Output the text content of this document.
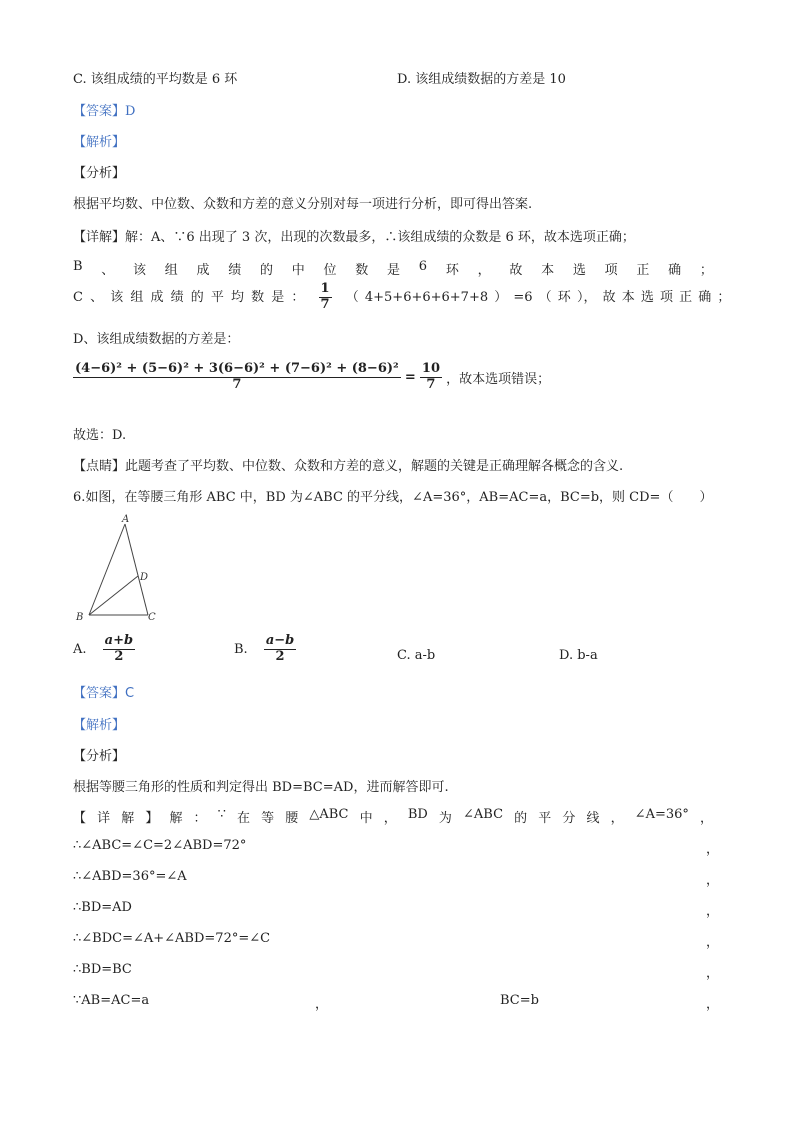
C. 该组成绩的平均数是 6 环	D. 该组成绩数据的方差是 10
【答案】D
【解析】
【分析】
根据平均数、中位数、众数和方差的意义分别对每一项进行分析，即可得出答案.
【详解】解：A、∵6 出现了 3 次，出现的次数最多，∴该组成绩的众数是 6 环，故本选项正确；
B 、 该 组 成 绩 的 中 位 数 是 6 环 ， 故 本 选 项 正 确 ；
C 、 该 组 成 绩 的 平 均 数 是 ： $\frac{1}{7}$ （ 4+5+6+6+6+7+8 ） =6 （ 环 ）， 故 本 选 项 正 确 ；
D、该组成绩数据的方差是：
$\frac{\text{(4−6)² + (5−6)² + 3(6−6)² + (7−6)² + (8−6)²}}{7} = \frac{10}{7}$ ，故本选项错误；
故选：D.
【点睛】此题考查了平均数、中位数、众数和方差的意义，解题的关键是正确理解各概念的含义.
6.如图，在等腰三角形 ABC 中，BD 为∠ABC 的平分线，∠A=36°，AB=AC=a，BC=b，则 CD=（　　）
A
D
B	C
A. $\frac{a+b}{2}$	B. $\frac{a-b}{2}$	C. a-b	D. b-a
【答案】C
【解析】
【分析】
根据等腰三角形的性质和判定得出 BD=BC=AD，进而解答即可.
【 详 解 】 解 ： ∵ 在 等 腰 △ABC 中 ， BD 为 ∠ABC 的 平 分 线 ， ∠A=36° ，
∴∠ABC=∠C=2∠ABD=72°	，
∴∠ABD=36°=∠A	，
∴BD=AD	，
∴∠BDC=∠A+∠ABD=72°=∠C	，
∴BD=BC	，
∵AB=AC=a	，	BC=b	，
